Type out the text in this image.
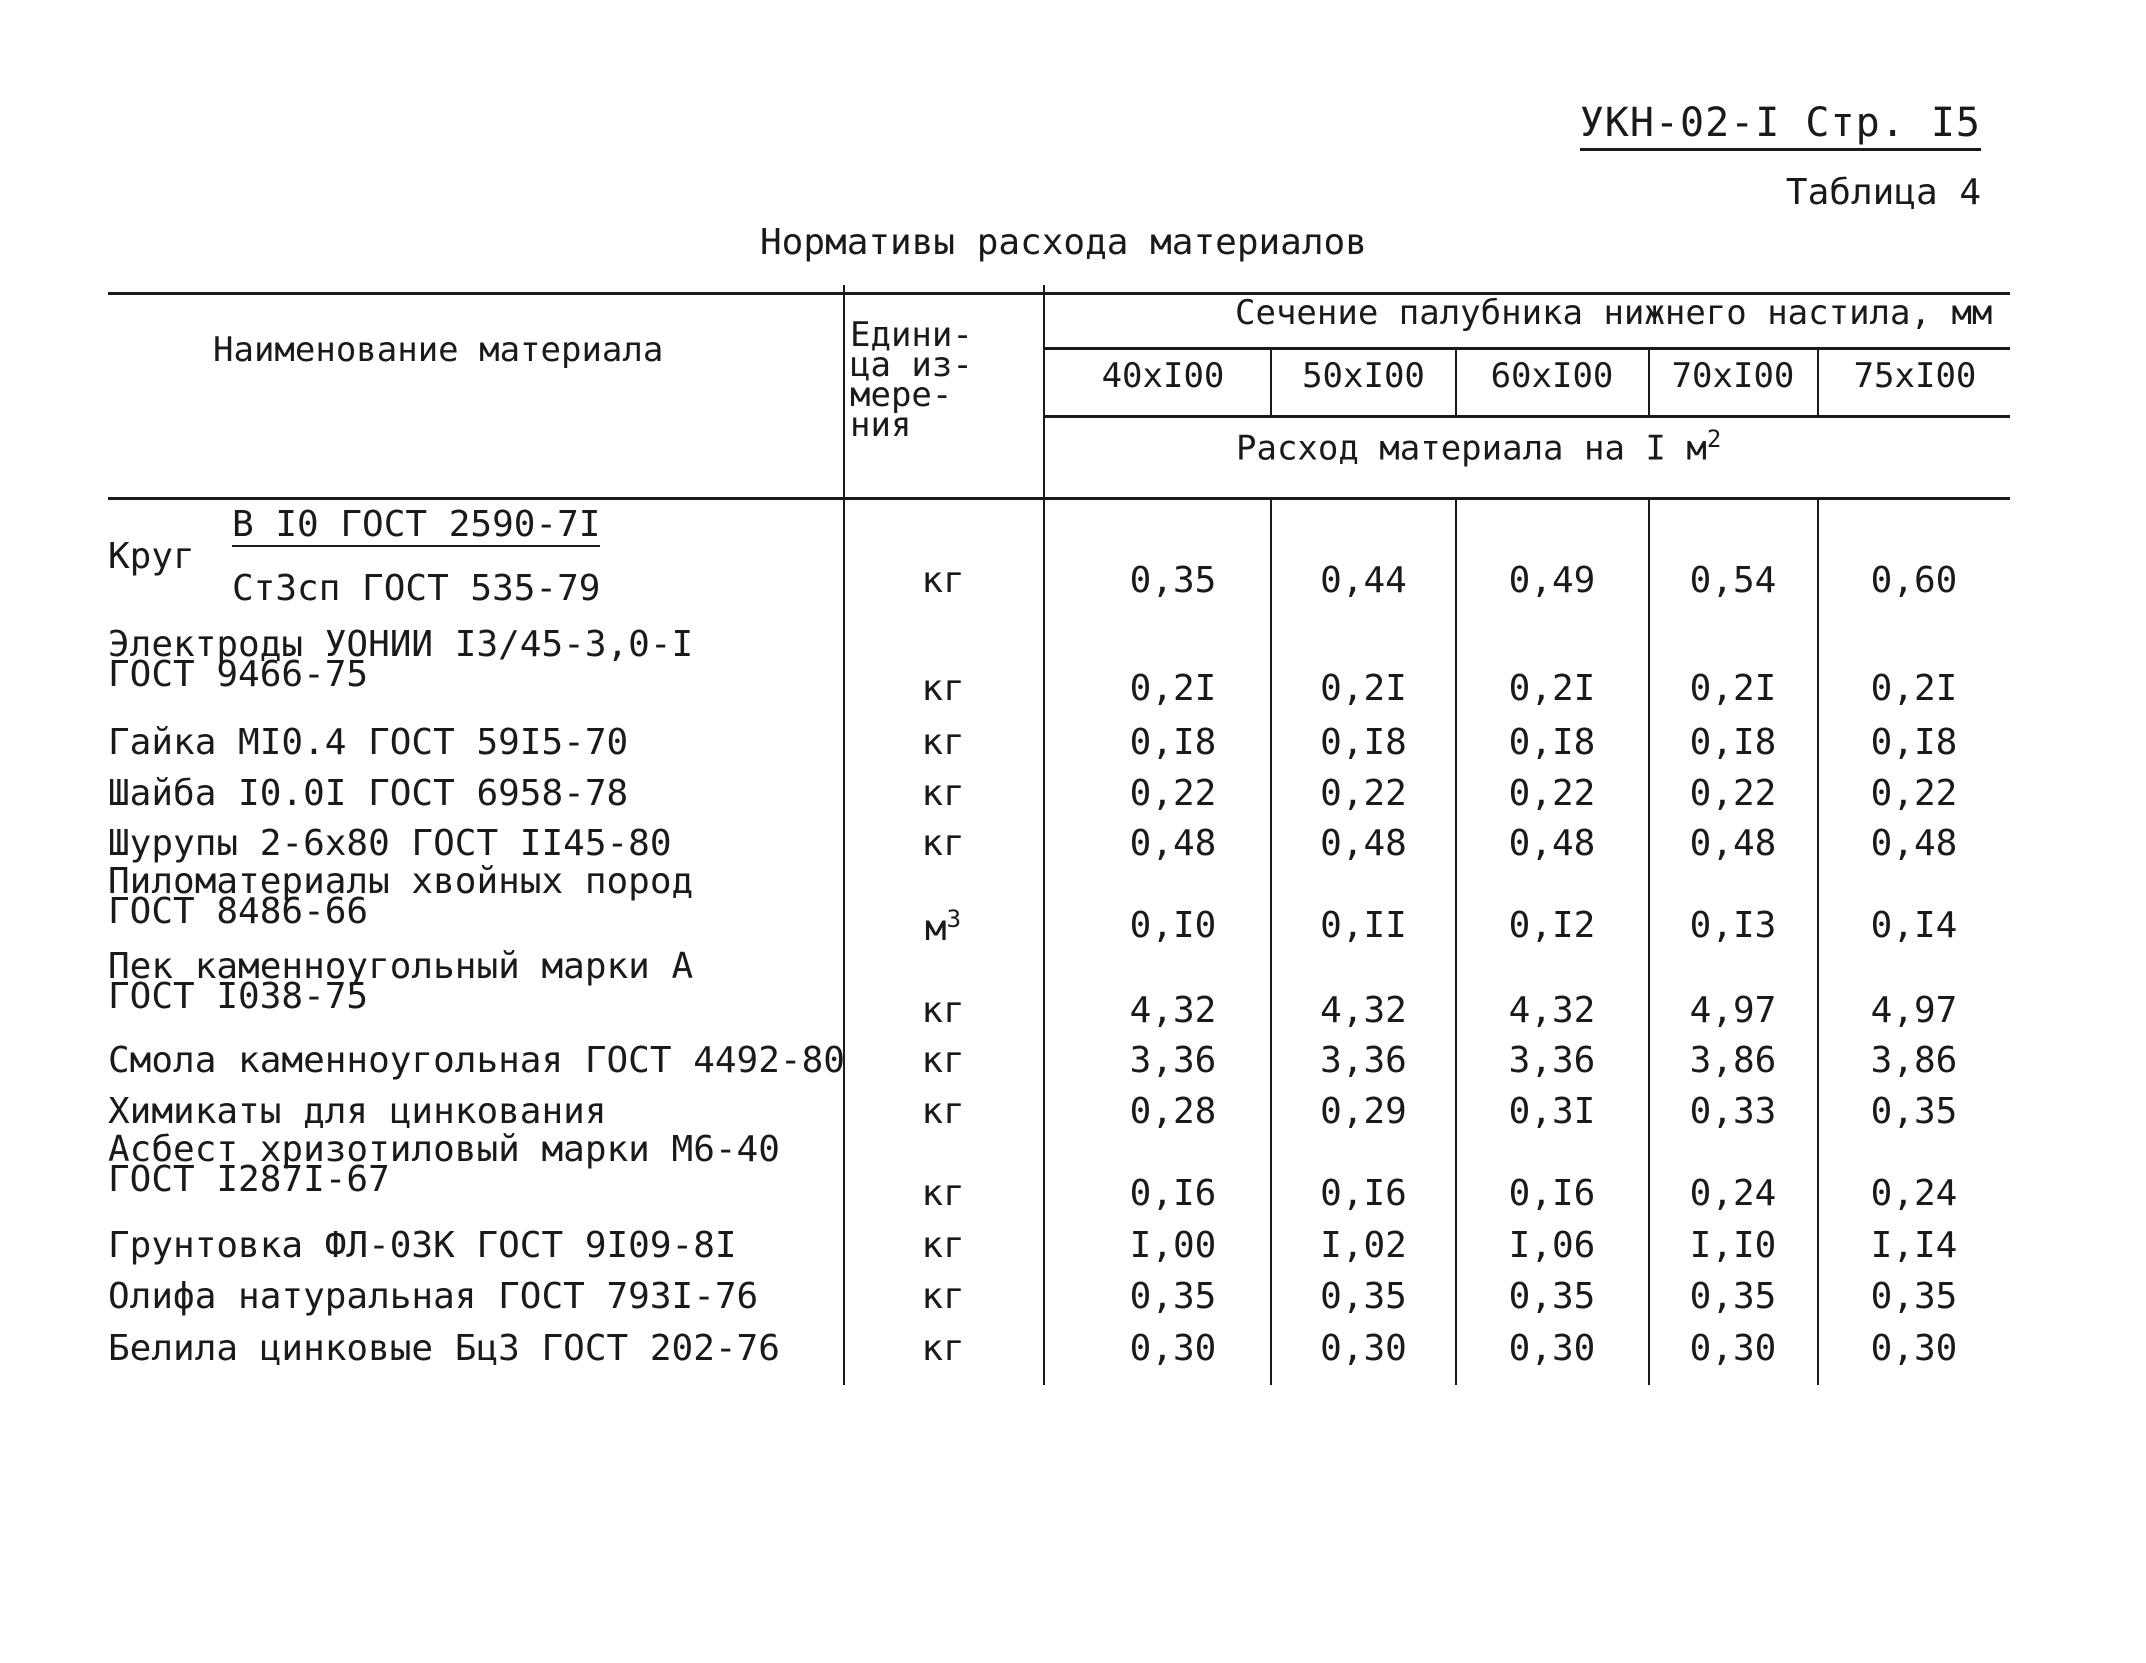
УКН-02-I Стр. I5
Таблица 4
Нормативы расхода материалов
Наименование материала	Едини-
ца из-
мере-
ния
Сечение палубника нижнего настила, мм
40xI00	50xI00	60xI00	70xI00	75xI00
Расход материала на I $м^2$
Круг
В I0 ГОСТ 2590-7I
Ст3сп ГОСТ 535-79	кг	0,35	0,44	0,49	0,54	0,60
Электроды УОНИИ I3/45-3,0-I
ГОСТ 9466-75	кг	0,2I	0,2I	0,2I	0,2I	0,2I
Гайка MI0.4 ГОСТ 59I5-70	кг	0,I8	0,I8	0,I8	0,I8	0,I8
Шайба I0.0I ГОСТ 6958-78	кг	0,22	0,22	0,22	0,22	0,22
Шурупы 2-6x80 ГОСТ II45-80	кг	0,48	0,48	0,48	0,48	0,48
Пиломатериалы хвойных пород
ГОСТ 8486-66	$м^3$	0,I0	0,II	0,I2	0,I3	0,I4
Пек каменноугольный марки А
ГОСТ I038-75	кг	4,32	4,32	4,32	4,97	4,97
Смола каменноугольная ГОСТ 4492-80	кг	3,36	3,36	3,36	3,86	3,86
Химикаты для цинкования	кг	0,28	0,29	0,3I	0,33	0,35
Асбест хризотиловый марки М6-40
ГОСТ I287I-67	кг	0,I6	0,I6	0,I6	0,24	0,24
Грунтовка ФЛ-03К ГОСТ 9I09-8I	кг	I,00	I,02	I,06	I,I0	I,I4
Олифа натуральная ГОСТ 793I-76	кг	0,35	0,35	0,35	0,35	0,35
Белила цинковые БцЗ ГОСТ 202-76	кг	0,30	0,30	0,30	0,30	0,30
